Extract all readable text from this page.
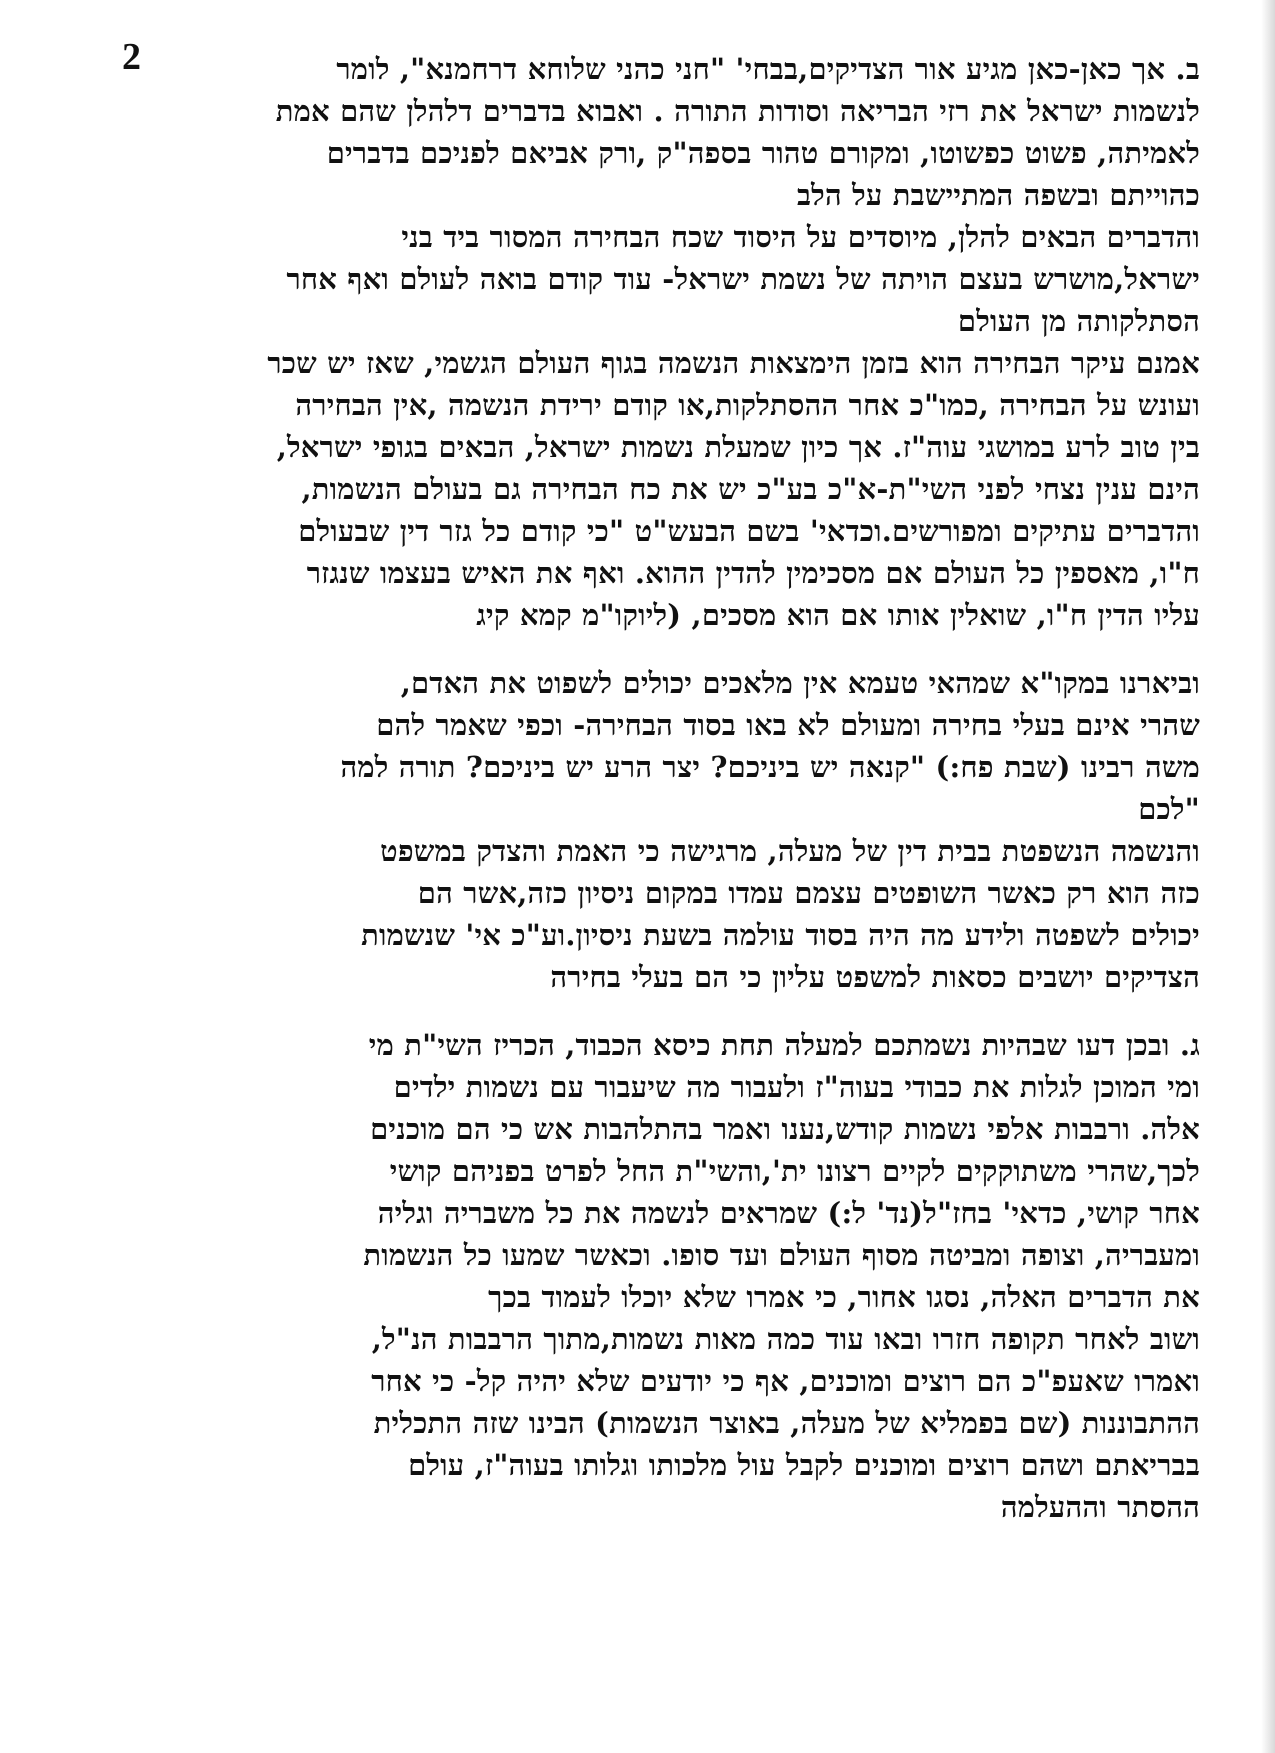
2	ב. אך כאן-כאן מגיע אור הצדיקים,בבחי' "חני כהני שלוחא דרחמנא", לומר
לנשמות ישראל את רזי הבריאה וסודות התורה . ואבוא בדברים דלהלן שהם אמת
לאמיתה, פשוט כפשוטו, ומקורם טהור בספה"ק ,ורק אביאם לפניכם בדברים
כהוייתם ובשפה המתיישבת על הלב
והדברים הבאים להלן, מיוסדים על היסוד שכח הבחירה המסור ביד בני
ישראל,מושרש בעצם הויתה של נשמת ישראל- עוד קודם בואה לעולם ואף אחר
הסתלקותה מן העולם
אמנם עיקר הבחירה הוא בזמן הימצאות הנשמה בגוף העולם הגשמי, שאז יש שכר
ועונש על הבחירה ,כמו"כ אחר ההסתלקות,או קודם ירידת הנשמה ,אין הבחירה
בין טוב לרע במושגי עוה"ז. אך כיון שמעלת נשמות ישראל, הבאים בגופי ישראל,
הינם ענין נצחי לפני השי"ת-א"כ בע"כ יש את כח הבחירה גם בעולם הנשמות,
והדברים עתיקים ומפורשים.וכדאי' בשם הבעש"ט "כי קודם כל גזר דין שבעולם
ח"ו, מאספין כל העולם אם מסכימין להדין ההוא. ואף את האיש בעצמו שנגזר
עליו הדין ח"ו, שואלין אותו אם הוא מסכים, (ליוקו"מ קמא קיג
וביארנו במקו"א שמהאי טעמא אין מלאכים יכולים לשפוט את האדם,
שהרי אינם בעלי בחירה ומעולם לא באו בסוד הבחירה- וכפי שאמר להם
משה רבינו (שבת פח:) "קנאה יש ביניכם? יצר הרע יש ביניכם? תורה למה
"לכם
והנשמה הנשפטת בבית דין של מעלה, מרגישה כי האמת והצדק במשפט
כזה הוא רק כאשר השופטים עצמם עמדו במקום ניסיון כזה,אשר הם
יכולים לשפטה ולידע מה היה בסוד עולמה בשעת ניסיון.וע"כ אי' שנשמות
הצדיקים יושבים כסאות למשפט עליון כי הם בעלי בחירה
ג. ובכן דעו שבהיות נשמתכם למעלה תחת כיסא הכבוד, הכריז השי"ת מי
ומי המוכן לגלות את כבודי בעוה"ז ולעבור מה שיעבור עם נשמות ילדים
אלה. ורבבות אלפי נשמות קודש,נענו ואמר בהתלהבות אש כי הם מוכנים
לכך,שהרי משתוקקים לקיים רצונו ית',והשי"ת החל לפרט בפניהם קושי
אחר קושי, כדאי' בחז"ל(נד' ל:) שמראים לנשמה את כל משבריה וגליה
ומעבריה, וצופה ומביטה מסוף העולם ועד סופו. וכאשר שמעו כל הנשמות
את הדברים האלה, נסגו אחור, כי אמרו שלא יוכלו לעמוד בכך
ושוב לאחר תקופה חזרו ובאו עוד כמה מאות נשמות,מתוך הרבבות הנ"ל,
ואמרו שאעפ"כ הם רוצים ומוכנים, אף כי יודעים שלא יהיה קל- כי אחר
ההתבוננות (שם בפמליא של מעלה, באוצר הנשמות) הבינו שזה התכלית
בבריאתם ושהם רוצים ומוכנים לקבל עול מלכותו וגלותו בעוה"ז, עולם
ההסתר וההעלמה
